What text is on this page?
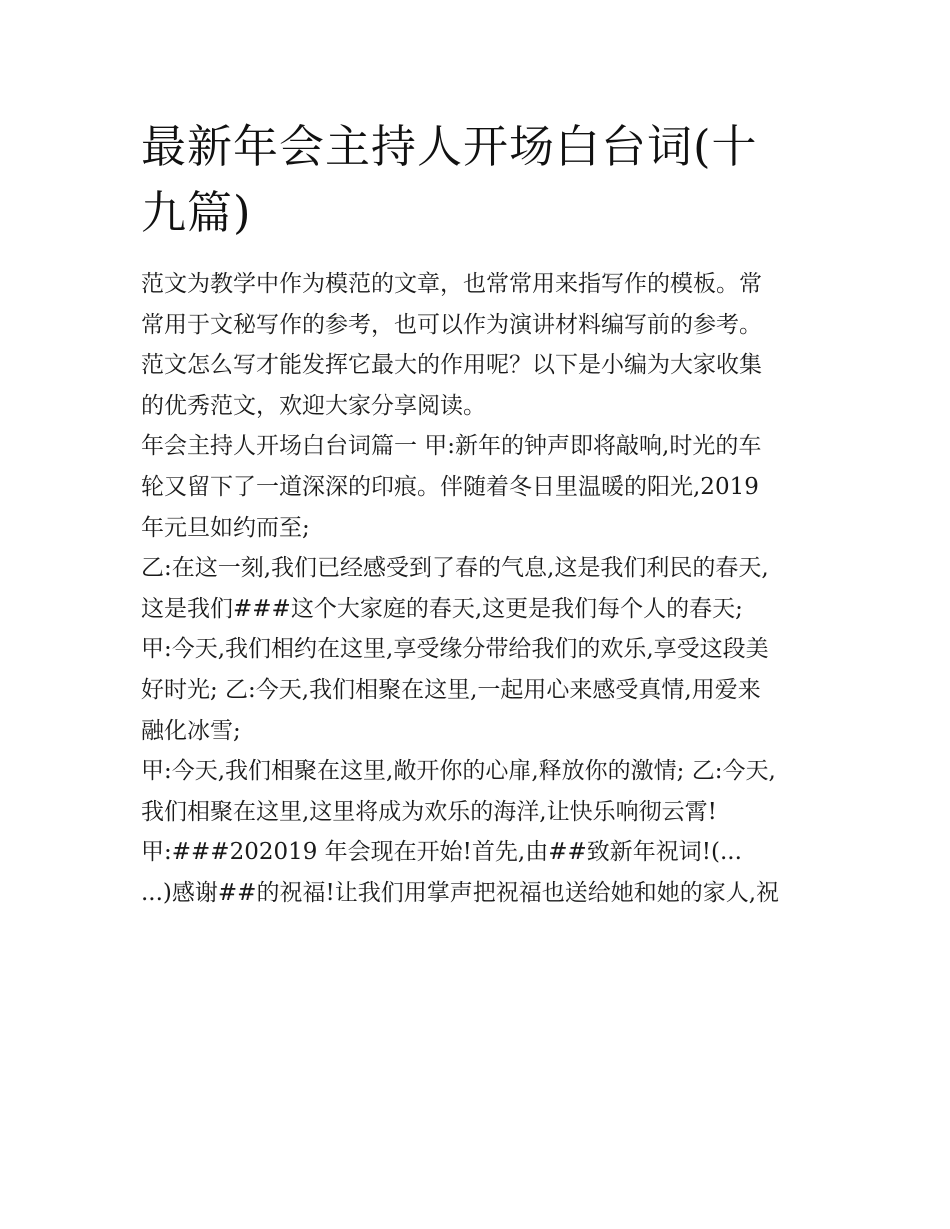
最新年会主持人开场白台词(十
九篇)

范文为教学中作为模范的文章，也常常用来指写作的模板。常
常用于文秘写作的参考，也可以作为演讲材料编写前的参考。
范文怎么写才能发挥它最大的作用呢？以下是小编为大家收集
的优秀范文，欢迎大家分享阅读。

年会主持人开场白台词篇一 甲:新年的钟声即将敲响,时光的车
轮又留下了一道深深的印痕。伴随着冬日里温暖的阳光,2019
年元旦如约而至;

乙:在这一刻,我们已经感受到了春的气息,这是我们利民的春天,
这是我们###这个大家庭的春天,这更是我们每个人的春天;

甲:今天,我们相约在这里,享受缘分带给我们的欢乐,享受这段美
好时光; 乙:今天,我们相聚在这里,一起用心来感受真情,用爱来
融化冰雪;

甲:今天,我们相聚在这里,敞开你的心扉,释放你的激情; 乙:今天,
我们相聚在这里,这里将成为欢乐的海洋,让快乐响彻云霄!

甲:###202019 年会现在开始!首先,由##致新年祝词!(...
...)感谢##的祝福!让我们用掌声把祝福也送给她和她的家人,祝
